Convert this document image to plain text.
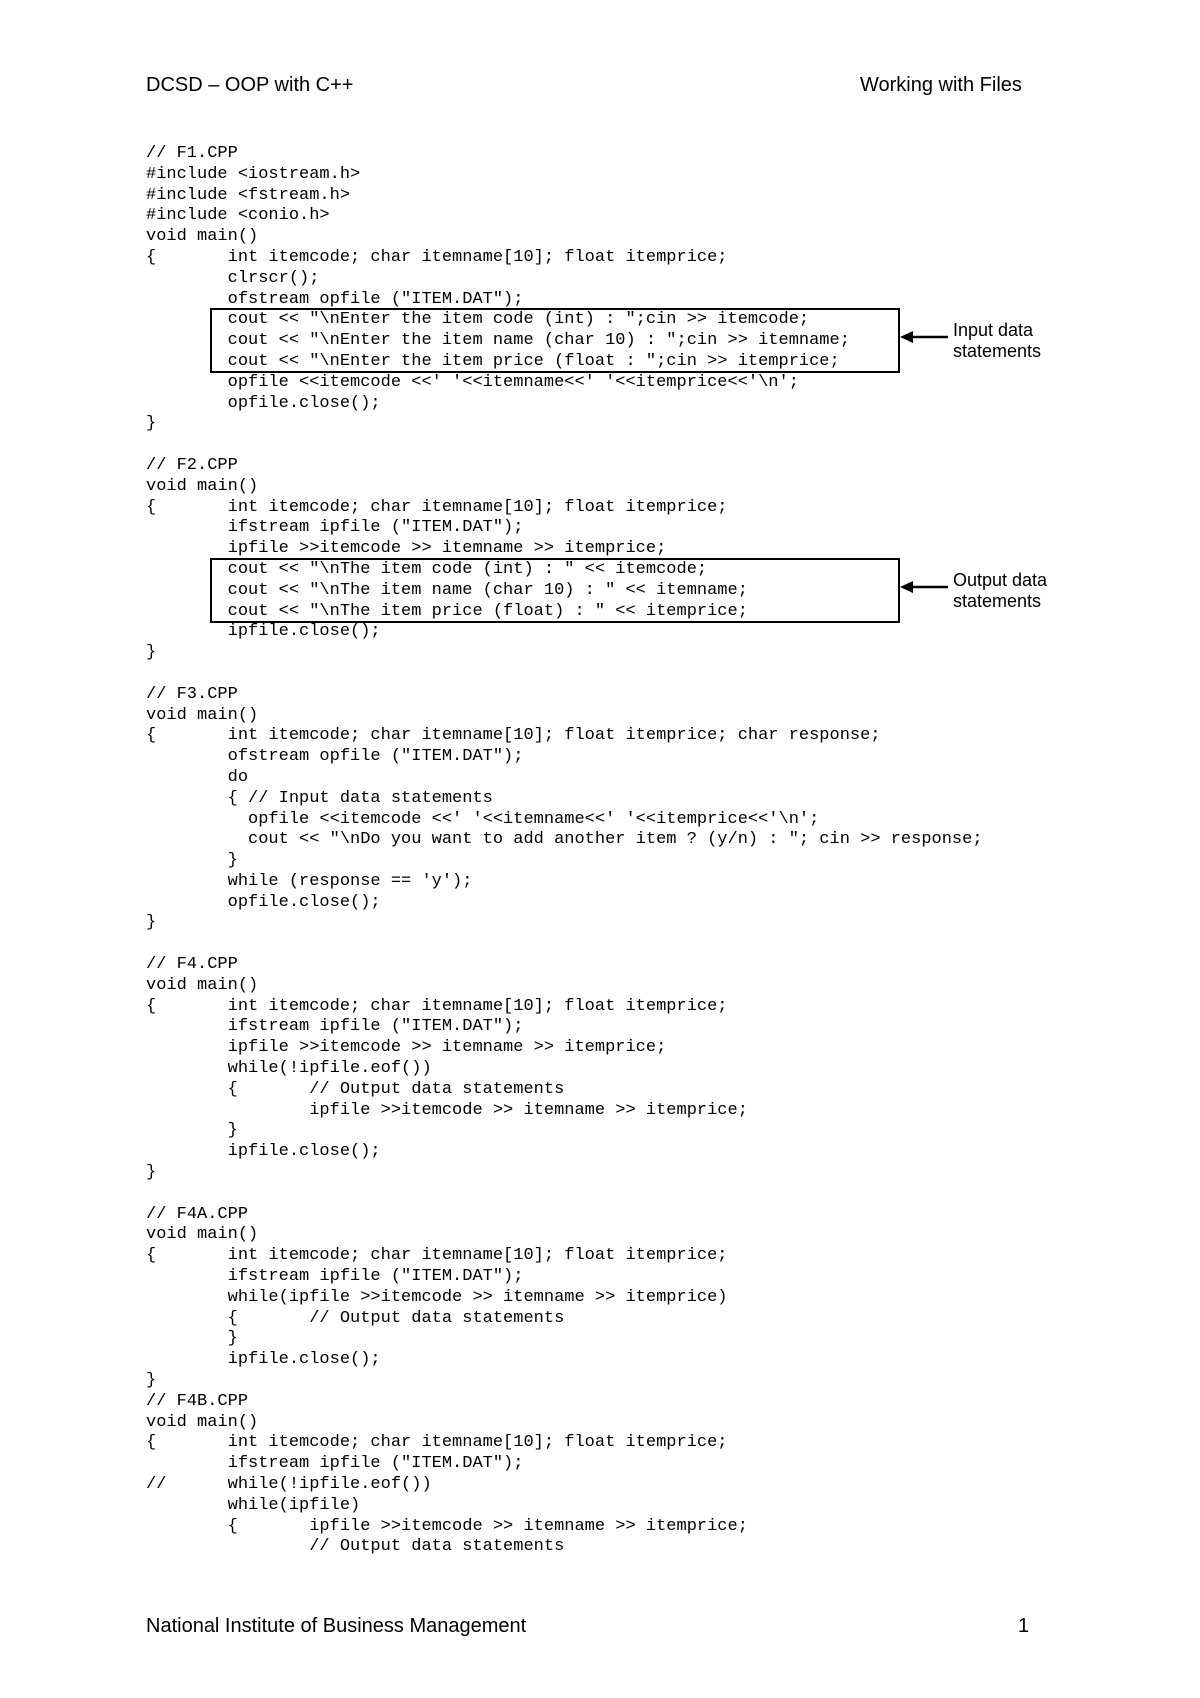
DCSD – OOP with C++	Working with Files
// F1.CPP
#include <iostream.h>
#include <fstream.h>
#include <conio.h>
void main()
{       int itemcode; char itemname[10]; float itemprice;
clrscr();
ofstream opfile ("ITEM.DAT");
cout << "\nEnter the item code (int) : ";cin >> itemcode;
cout << "\nEnter the item name (char 10) : ";cin >> itemname;
cout << "\nEnter the item price (float : ";cin >> itemprice;
opfile <<itemcode <<' '<<itemname<<' '<<itemprice<<'\n';
opfile.close();
}
// F2.CPP
void main()
{       int itemcode; char itemname[10]; float itemprice;
ifstream ipfile ("ITEM.DAT");
ipfile >>itemcode >> itemname >> itemprice;
cout << "\nThe item code (int) : " << itemcode;
cout << "\nThe item name (char 10) : " << itemname;
cout << "\nThe item price (float) : " << itemprice;
ipfile.close();
}
// F3.CPP
void main()
{       int itemcode; char itemname[10]; float itemprice; char response;
ofstream opfile ("ITEM.DAT");
do
{ // Input data statements
opfile <<itemcode <<' '<<itemname<<' '<<itemprice<<'\n';
cout << "\nDo you want to add another item ? (y/n) : "; cin >> response;
}
while (response == 'y');
opfile.close();
}
// F4.CPP
void main()
{       int itemcode; char itemname[10]; float itemprice;
ifstream ipfile ("ITEM.DAT");
ipfile >>itemcode >> itemname >> itemprice;
while(!ipfile.eof())
{       // Output data statements
ipfile >>itemcode >> itemname >> itemprice;
}
ipfile.close();
}
// F4A.CPP
void main()
{       int itemcode; char itemname[10]; float itemprice;
ifstream ipfile ("ITEM.DAT");
while(ipfile >>itemcode >> itemname >> itemprice)
{       // Output data statements
}
ipfile.close();
}
// F4B.CPP
void main()
{       int itemcode; char itemname[10]; float itemprice;
ifstream ipfile ("ITEM.DAT");
//      while(!ipfile.eof())
while(ipfile)
{       ipfile >>itemcode >> itemname >> itemprice;
// Output data statements
Input data
statements
Output data
statements
National Institute of Business Management	1
